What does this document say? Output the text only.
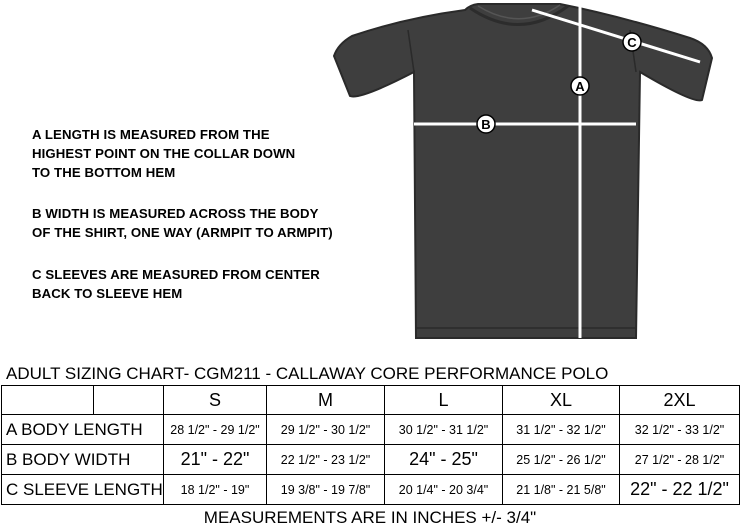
A
B
C

A LENGTH IS MEASURED FROM THE
HIGHEST POINT ON THE COLLAR DOWN
TO THE BOTTOM HEM

B WIDTH IS MEASURED ACROSS THE BODY
OF THE SHIRT, ONE WAY (ARMPIT TO ARMPIT)

C SLEEVES ARE MEASURED FROM CENTER
BACK TO SLEEVE HEM

ADULT SIZING CHART- CGM211 - CALLAWAY CORE PERFORMANCE POLO
		S	M	L	XL	2XL
A BODY LENGTH		28 1/2" - 29 1/2"	29 1/2" - 30 1/2"	30 1/2" - 31 1/2"	31 1/2" - 32 1/2"	32 1/2" - 33 1/2"
B BODY WIDTH		21" - 22"	22 1/2" - 23 1/2"	24" - 25"	25 1/2" - 26 1/2"	27 1/2" - 28 1/2"
C SLEEVE LENGTH		18 1/2" - 19"	19 3/8" - 19 7/8"	20 1/4" - 20 3/4"	21 1/8" - 21 5/8"	22" - 22 1/2"
MEASUREMENTS ARE IN INCHES +/- 3/4"
